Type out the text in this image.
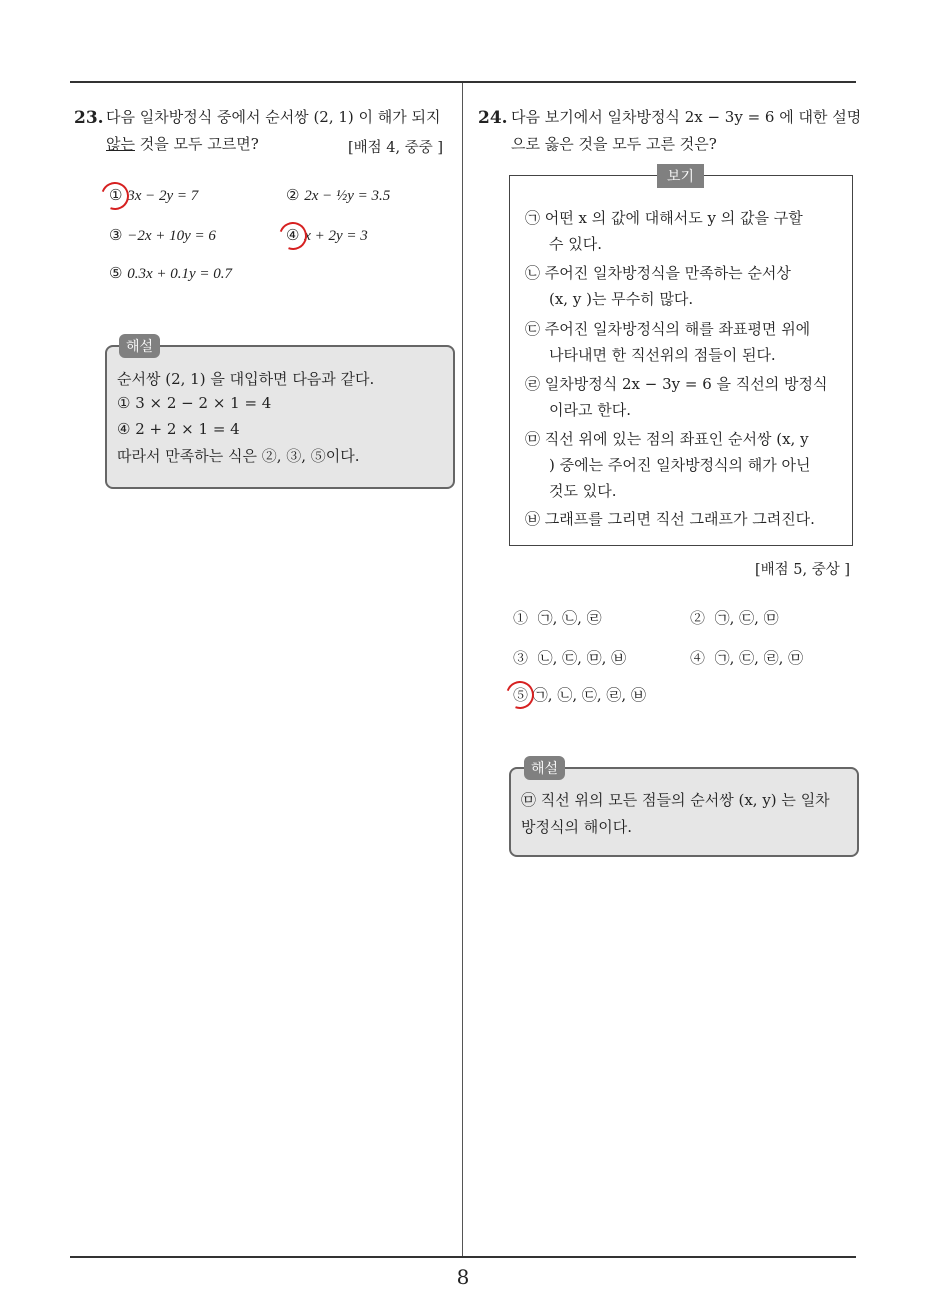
23. 다음 일차방정식 중에서 순서쌍 (2, 1) 이 해가 되지
않는 것을 모두 고르면?	[배점 4, 중중 ]
① 3x − 2y = 7	② 2x − ½y = 3.5
③ −2x + 10y = 6	④ x + 2y = 3
⑤ 0.3x + 0.1y = 0.7
해설
순서쌍 (2, 1) 을 대입하면 다음과 같다.
① 3 × 2 − 2 × 1 = 4
④ 2 + 2 × 1 = 4
따라서 만족하는 식은 ②, ③, ⑤이다.
24. 다음 보기에서 일차방정식 2x − 3y = 6 에 대한 설명
으로 옳은 것을 모두 고른 것은?
보기
㉠ 어떤 x 의 값에 대해서도 y 의 값을 구할
수 있다.
㉡ 주어진 일차방정식을 만족하는 순서상
(x, y )는 무수히 많다.
㉢ 주어진 일차방정식의 해를 좌표평면 위에
나타내면 한 직선위의 점들이 된다.
㉣ 일차방정식 2x − 3y = 6 을 직선의 방정식
이라고 한다.
㉤ 직선 위에 있는 점의 좌표인 순서쌍 (x, y
) 중에는 주어진 일차방정식의 해가 아닌
것도 있다.
㉥ 그래프를 그리면 직선 그래프가 그려진다.
[배점 5, 중상 ]
① ㉠, ㉡, ㉣	② ㉠, ㉢, ㉤
③ ㉡, ㉢, ㉤, ㉥	④ ㉠, ㉢, ㉣, ㉤
⑤ ㉠, ㉡, ㉢, ㉣, ㉥
해설
㉤ 직선 위의 모든 점들의 순서쌍 (x, y) 는 일차
방정식의 해이다.
8
